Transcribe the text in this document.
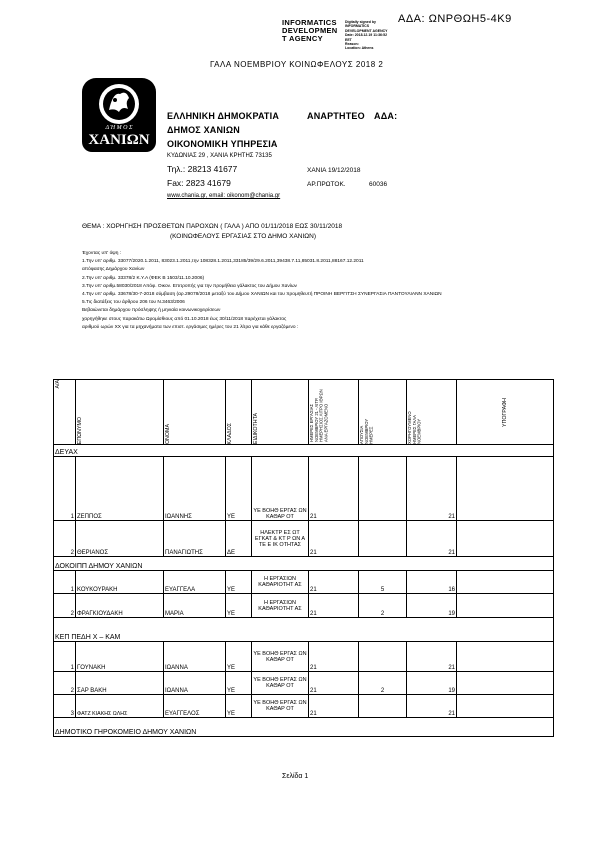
ΑΔΑ: ΩΝΡΘΩΗ5-4Κ9
INFORMATICS
DEVELOPMEN
T AGENCY
Digitally signed by
INFORMATICS
DEVELOPMENT AGENCY
Date: 2018.12.19 11:36:52
EET
Reason:
Location: Athens
ΓΑΛΑ ΝΟΕΜΒΡΙΟΥ ΚΟΙΝΩΦΕΛΟΥΣ 2018 2
Δ Ή Μ Ο Σ
ΧΑΝΙΩΝ
ΕΛΛΗΝΙΚΗ ΔΗΜΟΚΡΑΤΙΑ
ΔΗΜΟΣ ΧΑΝΙΩΝ
ΟΙΚΟΝΟΜΙΚΗ ΥΠΗΡΕΣΙΑ
ΚΥΔΩΝΙΑΣ 29 , ΧΑΝΙΑ ΚΡΗΤΗΣ 73135
Τηλ.: 28213 41677
Fax: 2823 41679
www.chania.gr, email: oikonom@chania.gr
ΑΝΑΡΤΗΤΕΟ ΑΔΑ:
ΧΑΝΙΑ 19/12/2018
ΑΡ.ΠΡΩΤΟΚ.	60036
ΘΕΜΑ : ΧΟΡΗΓΗΣΗ ΠΡΟΣΘΕΤΩΝ ΠΑΡΟΧΩΝ ( ΓΑΛΑ ) ΑΠΟ 01/11/2018 ΕΩΣ 30/11/2018
(ΚΟΙΝΩΦΕΛΟΥΣ ΕΡΓΑΣΙΑΣ ΣΤΟ ΔΗΜΟ ΧΑΝΙΩΝ)
Έχοντας υπ' όψη :
1.Την υπ' αριθμ. 33077/2020.1.2011, 83023.1.2011,την 108328.1.2011,33185/39/29.6.2011,39438.7.11,85031.8.2011,88167.12.2011
απόφασης Δημάρχου Χανίων
2.Την υπ' αριθμ. 33378/2 Κ.Υ.Α (ΦΕΚ Β 1503/11.10.2006)
3.Την υπ' αριθμ.58030/2018 Απόφ. Οικον. Επιτροπής για την προμήθεια γάλακτος του Δήμου Χανίων
4.Την υπ' αριθμ. 33678/30-7-2018 σύμβαση (αρ.29078/2018 μεταξύ του Δήμου ΧΑΝΙΩΝ και του προμηθευτή ΠΡΟΙΝΗ ΒΕΡΓΙΤΣΗ ΣΥΝΕΡΓΑΣΙΑ ΠΑΝΤΟΥΛΙΑΝΝ ΧΑΝΙΩΝ
5.Τις διατάξεις του άρθρου 206 του Ν.3463/2006
Βεβαιώνεται δημάρχου πρόσληψης ή μηνιαία κοινωνικοχειρίσεων
χορηγήθηκε στους παρακάτω Ωρομίσθιους από 01.10.2018 έως 30/11/2018 παρέχεται γάλακτος
αριθμού ωρών ΧΧ για τα μηχανήματα των επιστ. εργάσιμες ημέρες του 21 λίτρα για κάθε εργαζόμενο :
Α/Α	ΕΠΩΝΥΜΟ	ΟΝΟΜΑ	ΚΛΑΔΟΣ	ΕΙΔΙΚΟΤΗΤΑ	ΗΜΕΡΕΣ ΕΡΓΑΣΙΑΣ ΝΟΕΜΒΡΙΟΥ 21 - ΛΙΤΡ. ΗΜΕΡΗΣΙΟΣ ΛΙΤΡΟ ΙΘΡΩΝ ΑΝΑ ΕΡΓΑΖΟΜΕΝΟ	ΑΠΟΥΣΙΑ ΝΟΕΜΒΡΙΟΥ ΗΜΕΡΕΣ	ΧΟΡΗΓΟΥΜΕΝΟ ΗΜΕΡΕΣ ΓΑΛΑ ΝΟΕΜΒΡΙΟΥ	ΥΠΟΓΡΑΦΗ
ΔΕΥΑΧ								
1	ΖΕΠΠΟΣ	ΙΩΑΝΝΗΣ	ΥΕ	ΥΕ ΒΟΗΘ ΕΡΓΑΣ ΩΝ ΚΑΘΑΡ ΟΤ	21		21	
2	ΘΕΡΙΑΝΟΣ	ΠΑΝΑΓΙΩΤΗΣ	ΔΕ	ΗΛΕΚΤΡ ΕΣ ΩΤ ΕΓΚΑΤ & ΚΤ Ρ ΩΝ Α ΤΕ Ε ΙΚ ΟΤΗΤΑΣ	21		21	
ΔΟΚΟΙΠΠ ΔΗΜΟΥ ΧΑΝΙΩΝ								
1	ΚΟΥΚΟΥΡΑΚΗ	ΕΥΑΓΓΕΛΑ	ΥΕ	Η ΕΡΓΑΣΙΩΝ ΚΑΘΑΡΙΟΤΗΤ ΑΣ	21	5	16	
2	ΦΡΑΓΚΙΟΥΔΑΚΗ	ΜΑΡΙΑ	ΥΕ	Η ΕΡΓΑΣΙΩΝ ΚΑΘΑΡΙΟΤΗΤ ΑΣ	21	2	19	
ΚΕΠ ΠΕΔΗ Χ – ΚΑΜ								
1	ΓΟΥΝΑΚΗ	ΙΩΑΝΝΑ	ΥΕ	ΥΕ ΒΟΗΘ ΕΡΓΑΣ ΩΝ ΚΑΘΑΡ ΟΤ	21		21	
2	ΣΑΡ ΒΑΚΗ	ΙΩΑΝΝΑ	ΥΕ	ΥΕ ΒΟΗΘ ΕΡΓΑΣ ΩΝ ΚΑΘΑΡ ΟΤ	21	2	19	
3	ΦΑΤΖ ΚΙΑΚΗΣ ΩΛΗΣ	ΕΥΑΓΓΕΛΟΣ	ΥΕ	ΥΕ ΒΟΗΘ ΕΡΓΑΣ ΩΝ ΚΑΘΑΡ ΟΤ	21		21	
ΔΗΜΟΤΙΚΟ ΓΗΡΟΚΟΜΕΙΟ ΔΗΜΟΥ ΧΑΝΙΩΝ								
Σελίδα 1
